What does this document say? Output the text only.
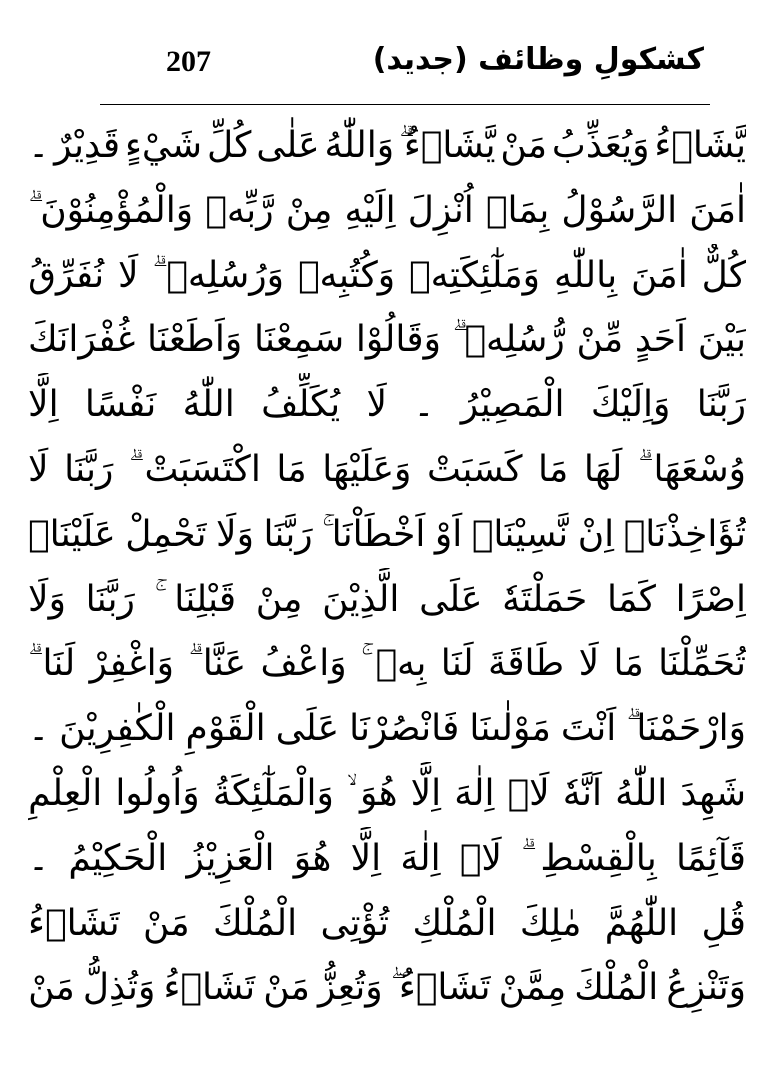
207	کشکولِ وظائف (جدید)
يَّشَاۤءُ
وَيُعَذِّبُ
مَنْ
يَّشَاۤءُ
وَاللّٰهُ
عَلٰى
كُلِّ
شَيْءٍ
قَدِيْرٌ
۔
اٰمَنَ
الرَّسُوْلُ
بِمَاۤ
اُنْزِلَ
اِلَيْهِ
مِنْ
رَّبِّهٖ
وَالْمُؤْمِنُوْنَ
كُلٌّ
اٰمَنَ
بِاللّٰهِ
وَمَلٰٓئِكَتِهٖ
وَكُتُبِهٖ
وَرُسُلِهٖ
لَا
نُفَرِّقُ
بَيْنَ
اَحَدٍ
مِّنْ
رُّسُلِهٖ
وَقَالُوْا
سَمِعْنَا
وَاَطَعْنَا
غُفْرَانَكَ
رَبَّنَا
وَاِلَيْكَ
الْمَصِيْرُ
۔
لَا
يُكَلِّفُ
اللّٰهُ
نَفْسًا
اِلَّا
وُسْعَهَا
لَهَا
مَا
كَسَبَتْ
وَعَلَيْهَا
مَا
اكْتَسَبَتْ
رَبَّنَا
لَا
تُؤَاخِذْنَاۤ
اِنْ
نَّسِيْنَاۤ
اَوْ
اَخْطَاْنَا
رَبَّنَا
وَلَا
تَحْمِلْ
عَلَيْنَاۤ
اِصْرًا
كَمَا
حَمَلْتَهٗ
عَلَى
الَّذِيْنَ
مِنْ
قَبْلِنَا
رَبَّنَا
وَلَا
تُحَمِّلْنَا
مَا
لَا
طَاقَةَ
لَنَا
بِهٖ
وَاعْفُ
عَنَّا
وَاغْفِرْ
لَنَا
وَارْحَمْنَا
اَنْتَ
مَوْلٰىنَا
فَانْصُرْنَا
عَلَى
الْقَوْمِ
الْكٰفِرِيْنَ
۔
شَهِدَ
اللّٰهُ
اَنَّهٗ
لَاۤ
اِلٰهَ
اِلَّا
هُوَ
وَالْمَلٰٓئِكَةُ
وَاُولُوا
الْعِلْمِ
قَآئِمًا
بِالْقِسْطِ
لَاۤ
اِلٰهَ
اِلَّا
هُوَ
الْعَزِيْزُ
الْحَكِيْمُ
۔
قُلِ
اللّٰهُمَّ
مٰلِكَ
الْمُلْكِ
تُؤْتِى
الْمُلْكَ
مَنْ
تَشَاۤءُ
وَتَنْزِعُ
الْمُلْكَ
مِمَّنْ
تَشَاۤءُ
وَتُعِزُّ
مَنْ
تَشَاۤءُ
وَتُذِلُّ
مَنْ
